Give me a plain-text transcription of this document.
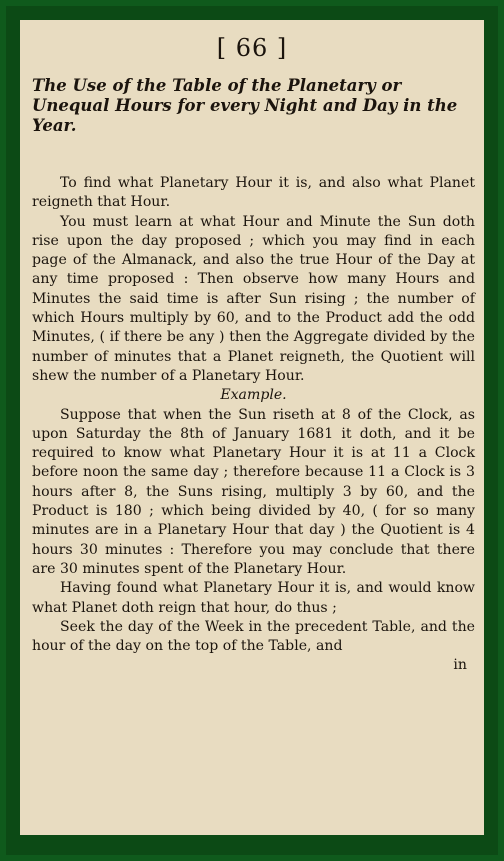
[ 66 ]
The Use of the Table of the Planetary or Unequal Hours for every Night and Day in the Year.

To find what Planetary Hour it is, and also what Planet reigneth that Hour.

You must learn at what Hour and Minute the Sun doth rise upon the day proposed ; which you may find in each page of the Almanack, and also the true Hour of the Day at any time proposed : Then observe how many Hours and Minutes the said time is after Sun rising ; the number of which Hours multiply by 60, and to the Product add the odd Minutes, ( if there be any ) then the Aggregate divided by the number of minutes that a Planet reigneth, the Quotient will shew the number of a Planetary Hour.

Example.

Suppose that when the Sun riseth at 8 of the Clock, as upon Saturday the 8th of January 1681 it doth, and it be required to know what Planetary Hour it is at 11 a Clock before noon the same day ; therefore because 11 a Clock is 3 hours after 8, the Suns rising, multiply 3 by 60, and the Product is 180 ; which being divided by 40, ( for so many minutes are in a Planetary Hour that day ) the Quotient is 4 hours 30 minutes : Therefore you may conclude that there are 30 minutes spent of the Planetary Hour.

Having found what Planetary Hour it is, and would know what Planet doth reign that hour, do thus ;

Seek the day of the Week in the precedent Table, and the hour of the day on the top of the Table, and

in
